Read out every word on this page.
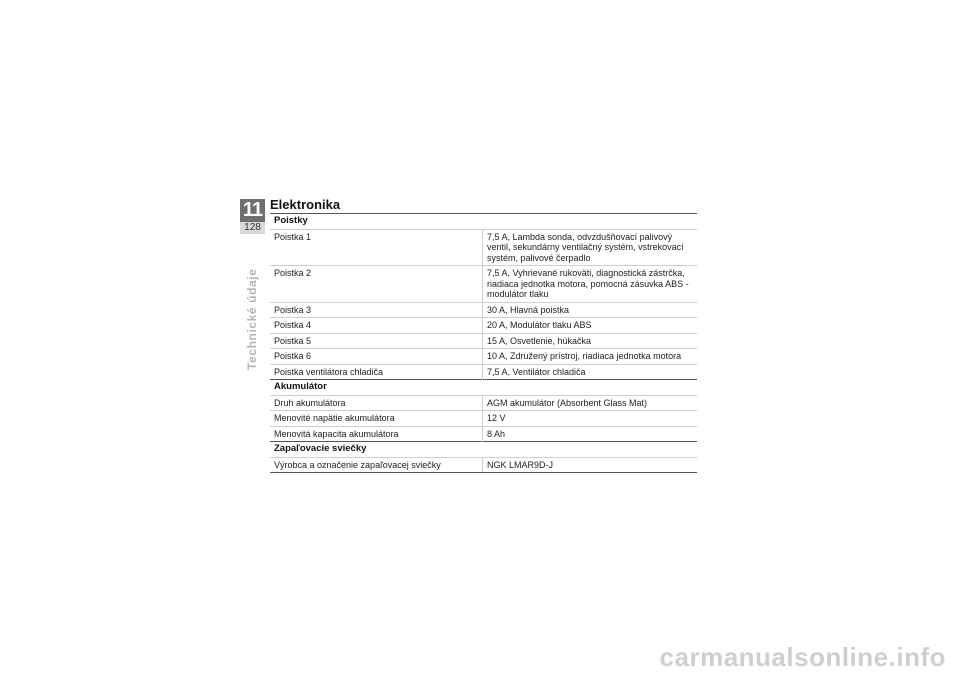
11
128
Technické údaje
Elektronika
Poistky	
Poistka 1	7,5 A, Lambda sonda, odvzdušňovací palivový ventil, sekundárny ventilačný systém, vstrekovací systém, palivové čerpadlo
Poistka 2	7,5 A, Vyhrievané rukoväti, diagnostická zástrčka, riadiaca jednotka motora, pomocná zásuvka ABS - modulátor tlaku
Poistka 3	30 A, Hlavná poistka
Poistka 4	20 A, Modulátor tlaku ABS
Poistka 5	15 A, Osvetlenie, húkačka
Poistka 6	10 A, Združený prístroj, riadiaca jednotka motora
Poistka ventilátora chladiča	7,5 A, Ventilátor chladiča
Akumulátor	
Druh akumulátora	AGM akumulátor (Absorbent Glass Mat)
Menovité napätie akumulátora	12 V
Menovitá kapacita akumulátora	8 Ah
Zapaľovacie sviečky	
Výrobca a označenie zapaľovacej sviečky	NGK LMAR9D-J
carmanualsonline.info
